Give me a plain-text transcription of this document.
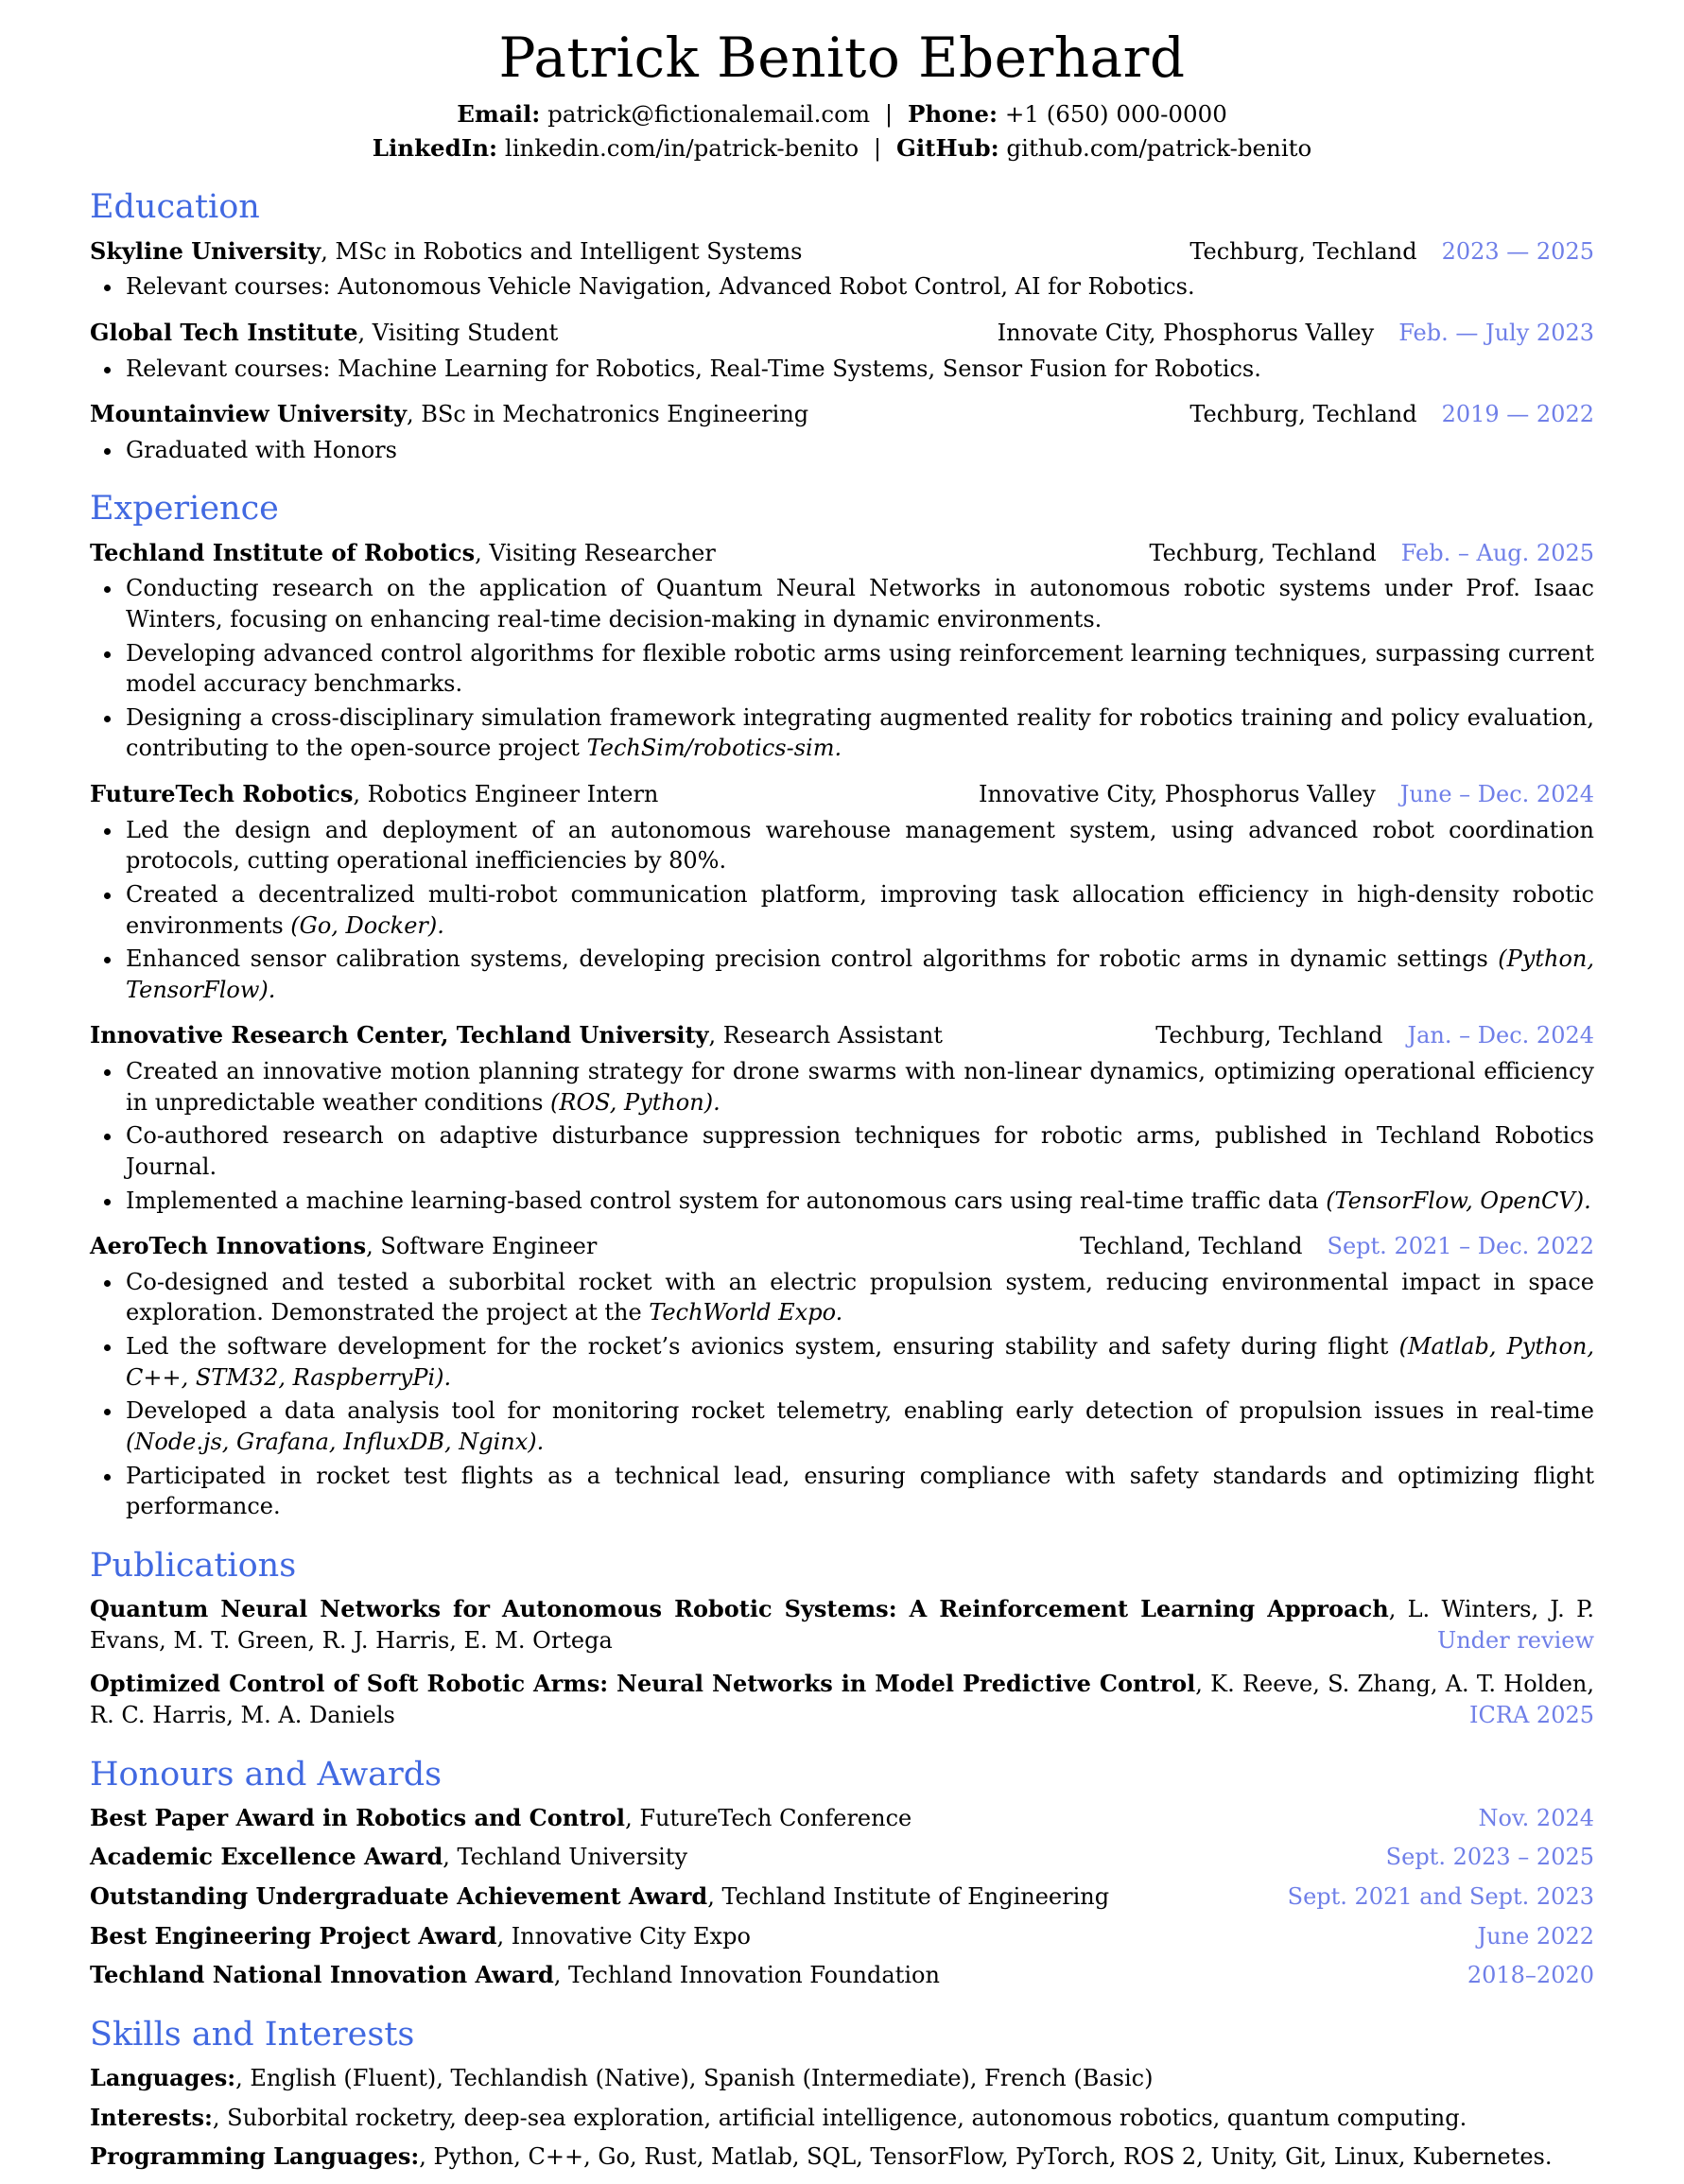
Patrick Benito Eberhard
Email: patrick@fictionalemail.com | Phone: +1 (650) 000-0000
LinkedIn: linkedin.com/in/patrick-benito | GitHub: github.com/patrick-benito
Education
Skyline University, MSc in Robotics and Intelligent Systems	Techburg, Techland 2023 — 2025
• Relevant courses: Autonomous Vehicle Navigation, Advanced Robot Control, AI for Robotics.
Global Tech Institute, Visiting Student	Innovate City, Phosphorus Valley Feb. — July 2023
• Relevant courses: Machine Learning for Robotics, Real-Time Systems, Sensor Fusion for Robotics.
Mountainview University, BSc in Mechatronics Engineering	Techburg, Techland 2019 — 2022
• Graduated with Honors
Experience
Techland Institute of Robotics, Visiting Researcher	Techburg, Techland Feb. – Aug. 2025
• Conducting research on the application of Quantum Neural Networks in autonomous robotic systems under Prof. Isaac Winters, focusing on enhancing real-time decision-making in dynamic environments.
• Developing advanced control algorithms for flexible robotic arms using reinforcement learning techniques, surpassing current model accuracy benchmarks.
• Designing a cross-disciplinary simulation framework integrating augmented reality for robotics training and policy evaluation, contributing to the open-source project TechSim/robotics-sim.
FutureTech Robotics, Robotics Engineer Intern	Innovative City, Phosphorus Valley June – Dec. 2024
• Led the design and deployment of an autonomous warehouse management system, using advanced robot coordination protocols, cutting operational inefficiencies by 80%.
• Created a decentralized multi-robot communication platform, improving task allocation efficiency in high-density robotic environments (Go, Docker).
• Enhanced sensor calibration systems, developing precision control algorithms for robotic arms in dynamic settings (Python, TensorFlow).
Innovative Research Center, Techland University, Research Assistant	Techburg, Techland Jan. – Dec. 2024
• Created an innovative motion planning strategy for drone swarms with non-linear dynamics, optimizing operational efficiency in unpredictable weather conditions (ROS, Python).
• Co-authored research on adaptive disturbance suppression techniques for robotic arms, published in Techland Robotics Journal.
• Implemented a machine learning-based control system for autonomous cars using real-time traffic data (TensorFlow, OpenCV).
AeroTech Innovations, Software Engineer	Techland, Techland Sept. 2021 – Dec. 2022
• Co-designed and tested a suborbital rocket with an electric propulsion system, reducing environmental impact in space exploration. Demonstrated the project at the TechWorld Expo.
• Led the software development for the rocket’s avionics system, ensuring stability and safety during flight (Matlab, Python, C++, STM32, RaspberryPi).
• Developed a data analysis tool for monitoring rocket telemetry, enabling early detection of propulsion issues in real-time (Node.js, Grafana, InfluxDB, Nginx).
• Participated in rocket test flights as a technical lead, ensuring compliance with safety standards and optimizing flight performance.
Publications
Quantum Neural Networks for Autonomous Robotic Systems: A Reinforcement Learning Approach, L. Winters, J. P. Evans, M. T. Green, R. J. Harris, E. M. Ortega	Under review
Optimized Control of Soft Robotic Arms: Neural Networks in Model Predictive Control, K. Reeve, S. Zhang, A. T. Holden, R. C. Harris, M. A. Daniels	ICRA 2025
Honours and Awards
Best Paper Award in Robotics and Control, FutureTech Conference	Nov. 2024
Academic Excellence Award, Techland University	Sept. 2023 – 2025
Outstanding Undergraduate Achievement Award, Techland Institute of Engineering	Sept. 2021 and Sept. 2023
Best Engineering Project Award, Innovative City Expo	June 2022
Techland National Innovation Award, Techland Innovation Foundation	2018–2020
Skills and Interests
Languages:, English (Fluent), Techlandish (Native), Spanish (Intermediate), French (Basic)
Interests:, Suborbital rocketry, deep-sea exploration, artificial intelligence, autonomous robotics, quantum computing.
Programming Languages:, Python, C++, Go, Rust, Matlab, SQL, TensorFlow, PyTorch, ROS 2, Unity, Git, Linux, Kubernetes.
